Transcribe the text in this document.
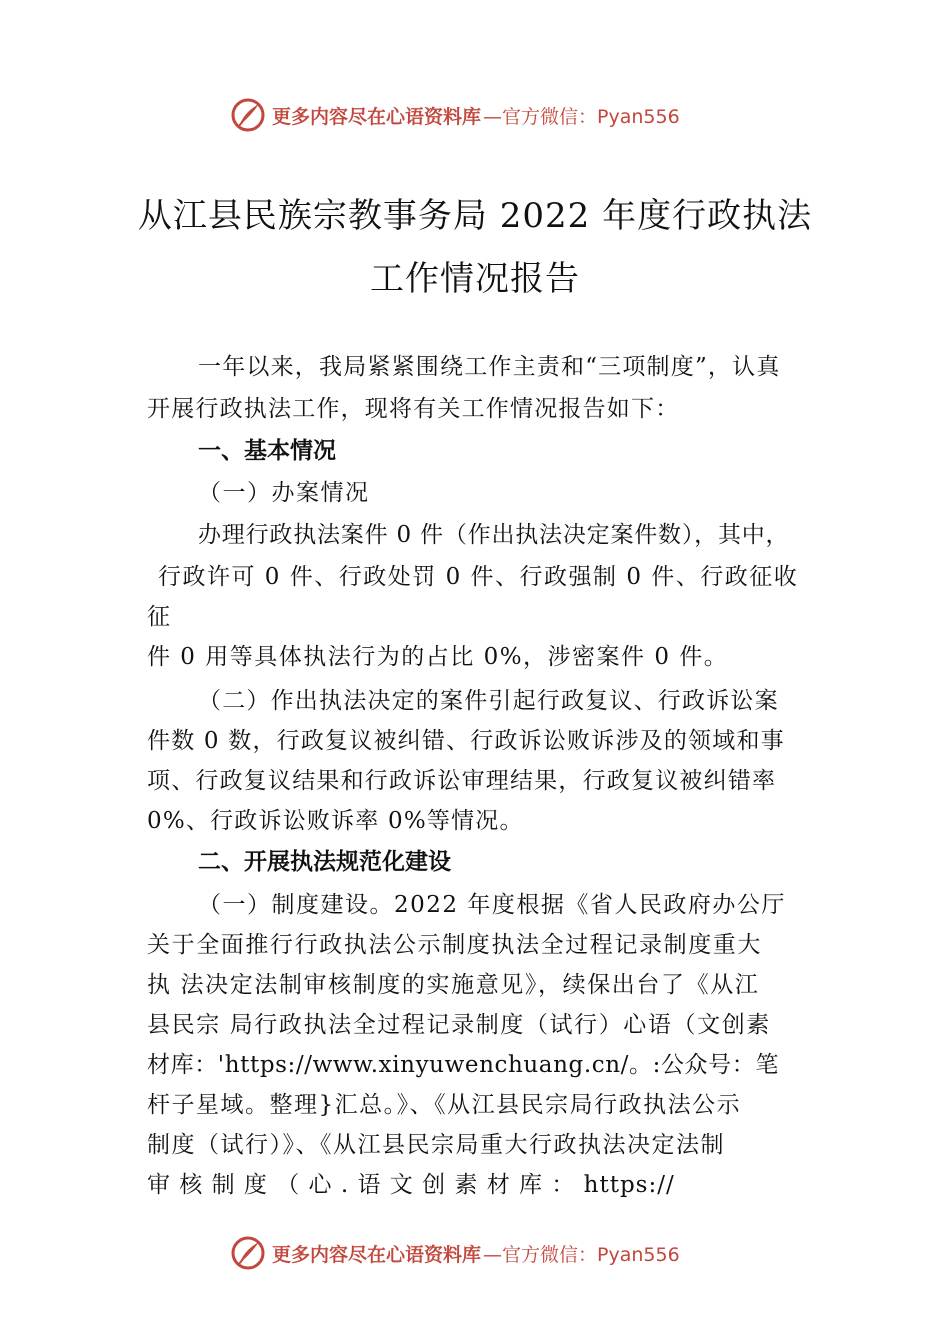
更多内容尽在心语资料库 —官方微信：Pyan556
从江县民族宗教事务局 2022 年度行政执法
工作情况报告
一年以来，我局紧紧围绕工作主责和“三项制度”，认真
开展行政执法工作，现将有关工作情况报告如下：
一、基本情况
（一）办案情况
办理行政执法案件 0 件（作出执法决定案件数），其中，
行政许可 0 件、行政处罚 0 件、行政强制 0 件、行政征收
征
件 0 用等具体执法行为的占比 0%，涉密案件 0 件。
（二）作出执法决定的案件引起行政复议、行政诉讼案
件数 0 数，行政复议被纠错、行政诉讼败诉涉及的领域和事
项、行政复议结果和行政诉讼审理结果，行政复议被纠错率
0%、行政诉讼败诉率 0%等情况。
二、开展执法规范化建设
（一）制度建设。2022 年度根据《省人民政府办公厅
关于全面推行行政执法公示制度执法全过程记录制度重大
执 法决定法制审核制度的实施意见》，续保出台了《从江
县民宗 局行政执法全过程记录制度（试行）心语（文创素
材库：'https://www.xinyuwenchuang.cn/。:公众号：笔
杆子星域。整理}汇总。》、《从江县民宗局行政执法公示
制度（试行）》、《从江县民宗局重大行政执法决定法制
审 核 制 度 （ 心 . 语 文 创 素 材 库 ： https://
更多内容尽在心语资料库 —官方微信：Pyan556
